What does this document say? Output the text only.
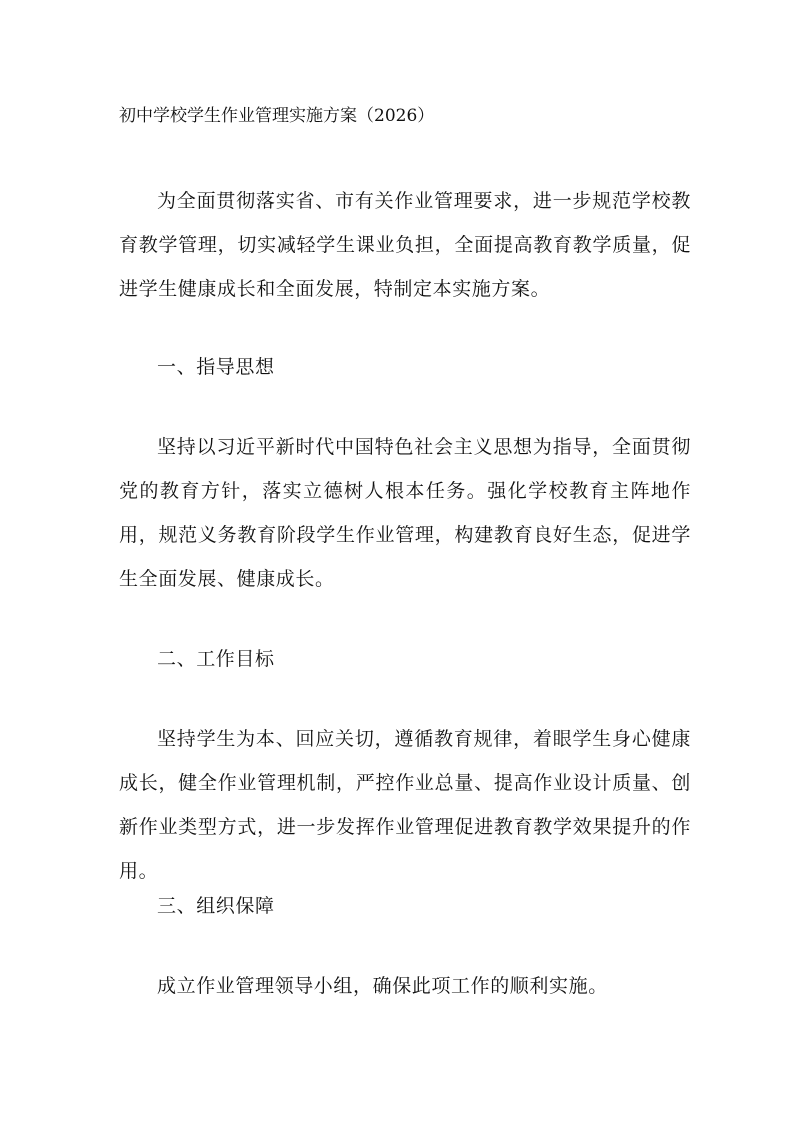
初中学校学生作业管理实施方案（2026）

为全面贯彻落实省、市有关作业管理要求，进一步规范学校教育教学管理，切实减轻学生课业负担，全面提高教育教学质量，促进学生健康成长和全面发展，特制定本实施方案。

一、指导思想

坚持以习近平新时代中国特色社会主义思想为指导，全面贯彻党的教育方针，落实立德树人根本任务。强化学校教育主阵地作用，规范义务教育阶段学生作业管理，构建教育良好生态，促进学生全面发展、健康成长。

二、工作目标

坚持学生为本、回应关切，遵循教育规律，着眼学生身心健康成长，健全作业管理机制，严控作业总量、提高作业设计质量、创新作业类型方式，进一步发挥作业管理促进教育教学效果提升的作用。

三、组织保障

成立作业管理领导小组，确保此项工作的顺利实施。
